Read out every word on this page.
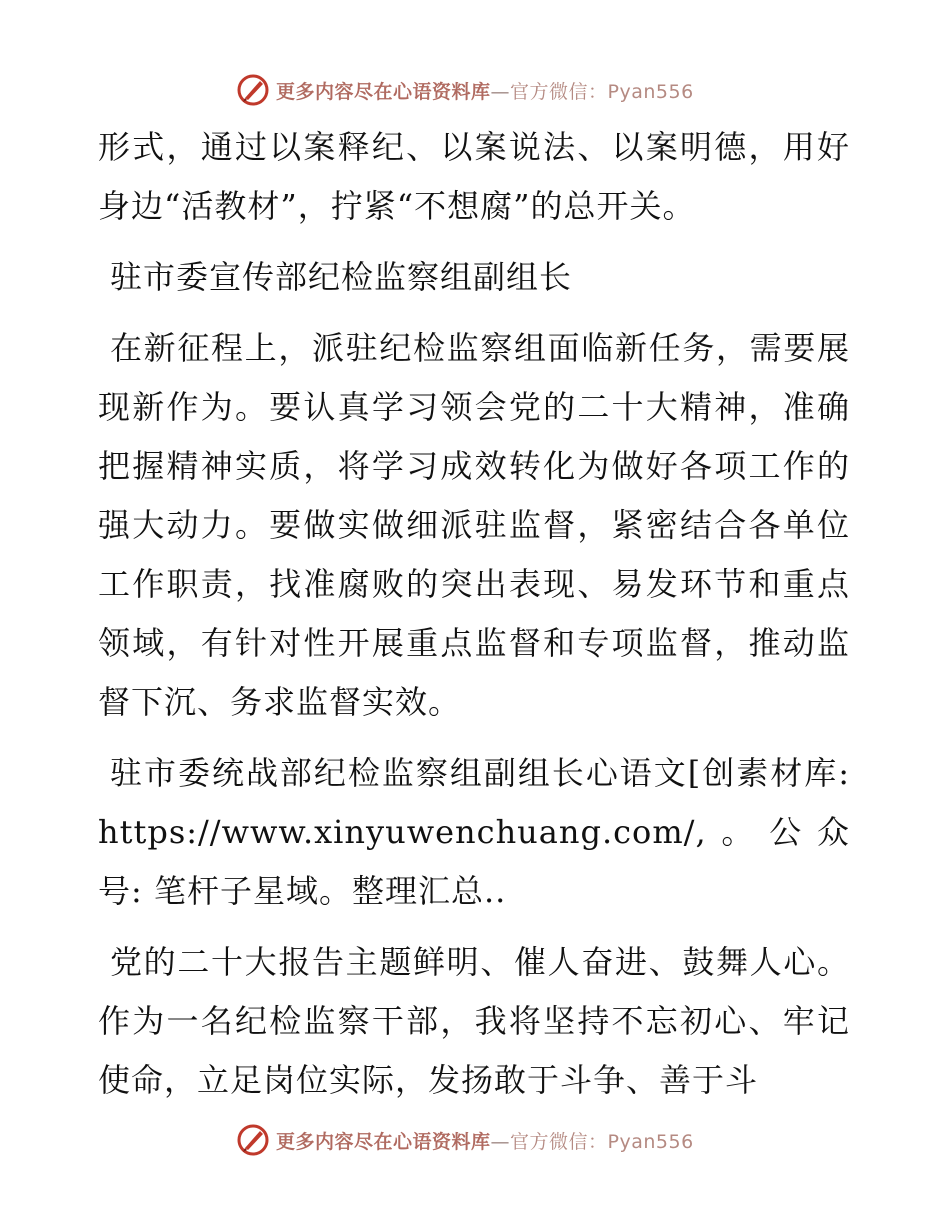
更多内容尽在心语资料库—官方微信：Pyan556

形式，通过以案释纪、以案说法、以案明德，用好身边“活教材”，拧紧“不想腐”的总开关。

驻市委宣传部纪检监察组副组长

在新征程上，派驻纪检监察组面临新任务，需要展现新作为。要认真学习领会党的二十大精神，准确把握精神实质，将学习成效转化为做好各项工作的强大动力。要做实做细派驻监督，紧密结合各单位工作职责，找准腐败的突出表现、易发环节和重点领域，有针对性开展重点监督和专项监督，推动监督下沉、务求监督实效。

驻市委统战部纪检监察组副组长心语文[创素材库: https://www.xinyuwenchuang.com/,。公众号: 笔杆子星域。整理汇总..

党的二十大报告主题鲜明、催人奋进、鼓舞人心。作为一名纪检监察干部，我将坚持不忘初心、牢记使命，立足岗位实际，发扬敢于斗争、善于斗

更多内容尽在心语资料库—官方微信：Pyan556
